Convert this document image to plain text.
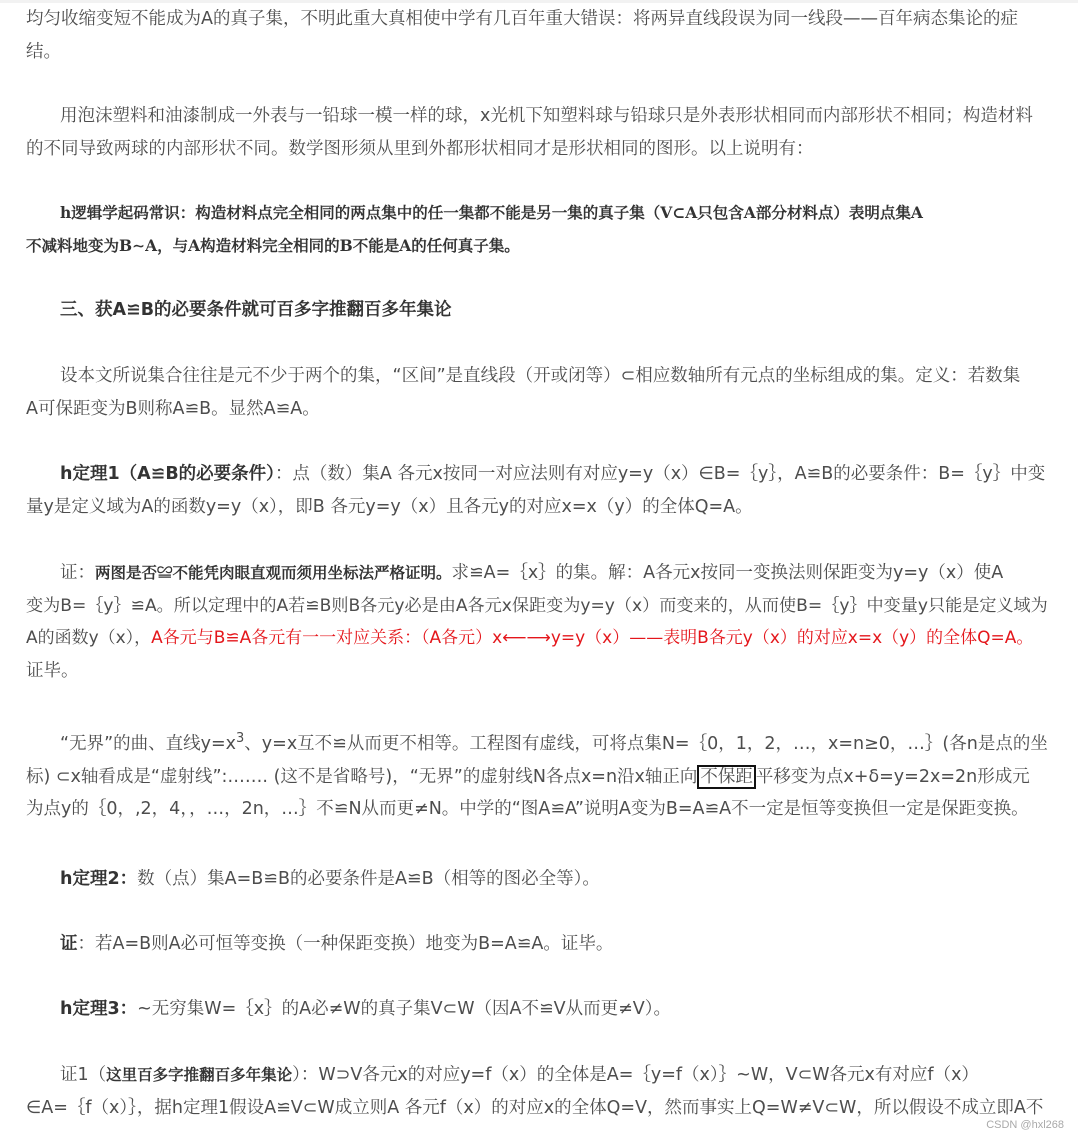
均匀收缩变短不能成为A的真子集，不明此重大真相使中学有几百年重大错误：将两异直线段误为同一线段——百年病态集论的症
结。
用泡沫塑料和油漆制成一外表与一铅球一模一样的球，x光机下知塑料球与铅球只是外表形状相同而内部形状不相同；构造材料
的不同导致两球的内部形状不同。数学图形须从里到外都形状相同才是形状相同的图形。以上说明有：
h逻辑学起码常识：构造材料点完全相同的两点集中的任一集都不能是另一集的真子集（V⊂A只包含A部分材料点）表明点集A
不减料地变为B∼A，与A构造材料完全相同的B不能是A的任何真子集。
三、获A≌B的必要条件就可百多字推翻百多年集论
设本文所说集合往往是元不少于两个的集，“区间”是直线段（开或闭等）⊂相应数轴所有元点的坐标组成的集。定义：若数集
A可保距变为B则称A≌B。显然A≌A。
h定理1（A≌B的必要条件）：点（数）集A 各元x按同一对应法则有对应y=y（x）∈B=｛y｝，A≌B的必要条件：B=｛y｝中变
量y是定义域为A的函数y=y（x），即B 各元y=y（x）且各元y的对应x=x（y）的全体Q=A。
证：两图是否≌不能凭肉眼直观而须用坐标法严格证明。求≌A=｛x｝的集。解：A各元x按同一变换法则保距变为y=y（x）使A
变为B=｛y｝≌A。所以定理中的A若≌B则B各元y必是由A各元x保距变为y=y（x）而变来的，从而使B=｛y｝中变量y只能是定义域为
A的函数y（x），A各元与B≌A各元有一一对应关系：（A各元）x⟵⟶y=y（x）——表明B各元y（x）的对应x=x（y）的全体Q=A。
证毕。
“无界”的曲、直线$y=x^3$、y=x互不≌从而更不相等。工程图有虚线，可将点集N=｛0，1，2，…，x=n≥0，…｝(各n是点的坐
标) ⊂x轴看成是“虚射线”:……. (这不是省略号)，“无界”的虚射线N各点x=n沿x轴正向 不保距 平移变为点x+δ=y=2x=2n形成元
为点y的｛0，,2，4，，…，2n，…｝不≌N从而更≠N。中学的“图A≌A”说明A变为B=A≌A不一定是恒等变换但一定是保距变换。
h定理2：数（点）集A=B≌B的必要条件是A≌B（相等的图必全等）。
证：若A=B则A必可恒等变换（一种保距变换）地变为B=A≌A。证毕。
h定理3：~无穷集W=｛x｝的A必≠W的真子集V⊂W（因A不≌V从而更≠V）。
证1（这里百多字推翻百多年集论）：W⊃V各元x的对应y=f（x）的全体是A=｛y=f（x）｝~W，V⊂W各元x有对应f（x）
∈A=｛f（x）｝，据h定理1假设A≌V⊂W成立则A 各元f（x）的对应x的全体Q=V，然而事实上Q=W≠V⊂W，所以假设不成立即A不
CSDN @hxl268
